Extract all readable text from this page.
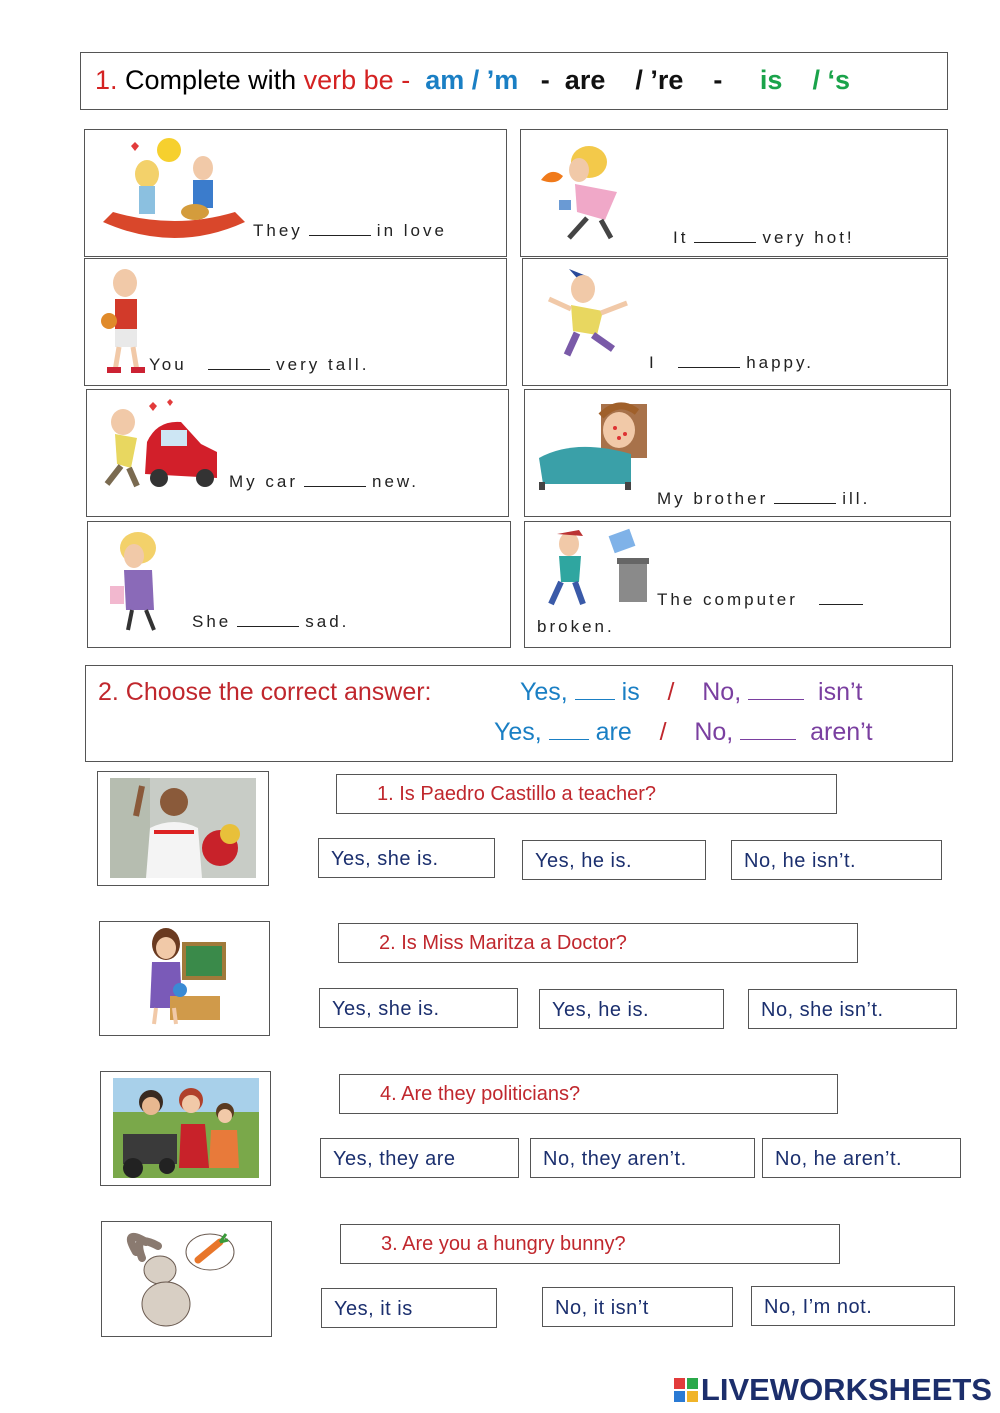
1. Complete with verb be - am / ’m - are / ’re - is / ‘s
They	in love	It	very hot!
You	very tall.	I	happy.
My car	new.
My brother	ill.
She	sad.
The computer
broken.
2. Choose the correct answer:	Yes, is / No,	isn’t
Yes, are / No,	aren’t
1. Is Paedro Castillo a teacher?
Yes, she is.	Yes, he is.	No, he isn’t.
2. Is Miss Maritza a Doctor?
Yes, she is.	Yes, he is.	No, she isn’t.
4. Are they politicians?
Yes, they are	No, they aren’t.	No, he aren’t.
3. Are you a hungry bunny?
Yes, it is	No, it isn’t	No, I’m not.
LIVEWORKSHEETS
